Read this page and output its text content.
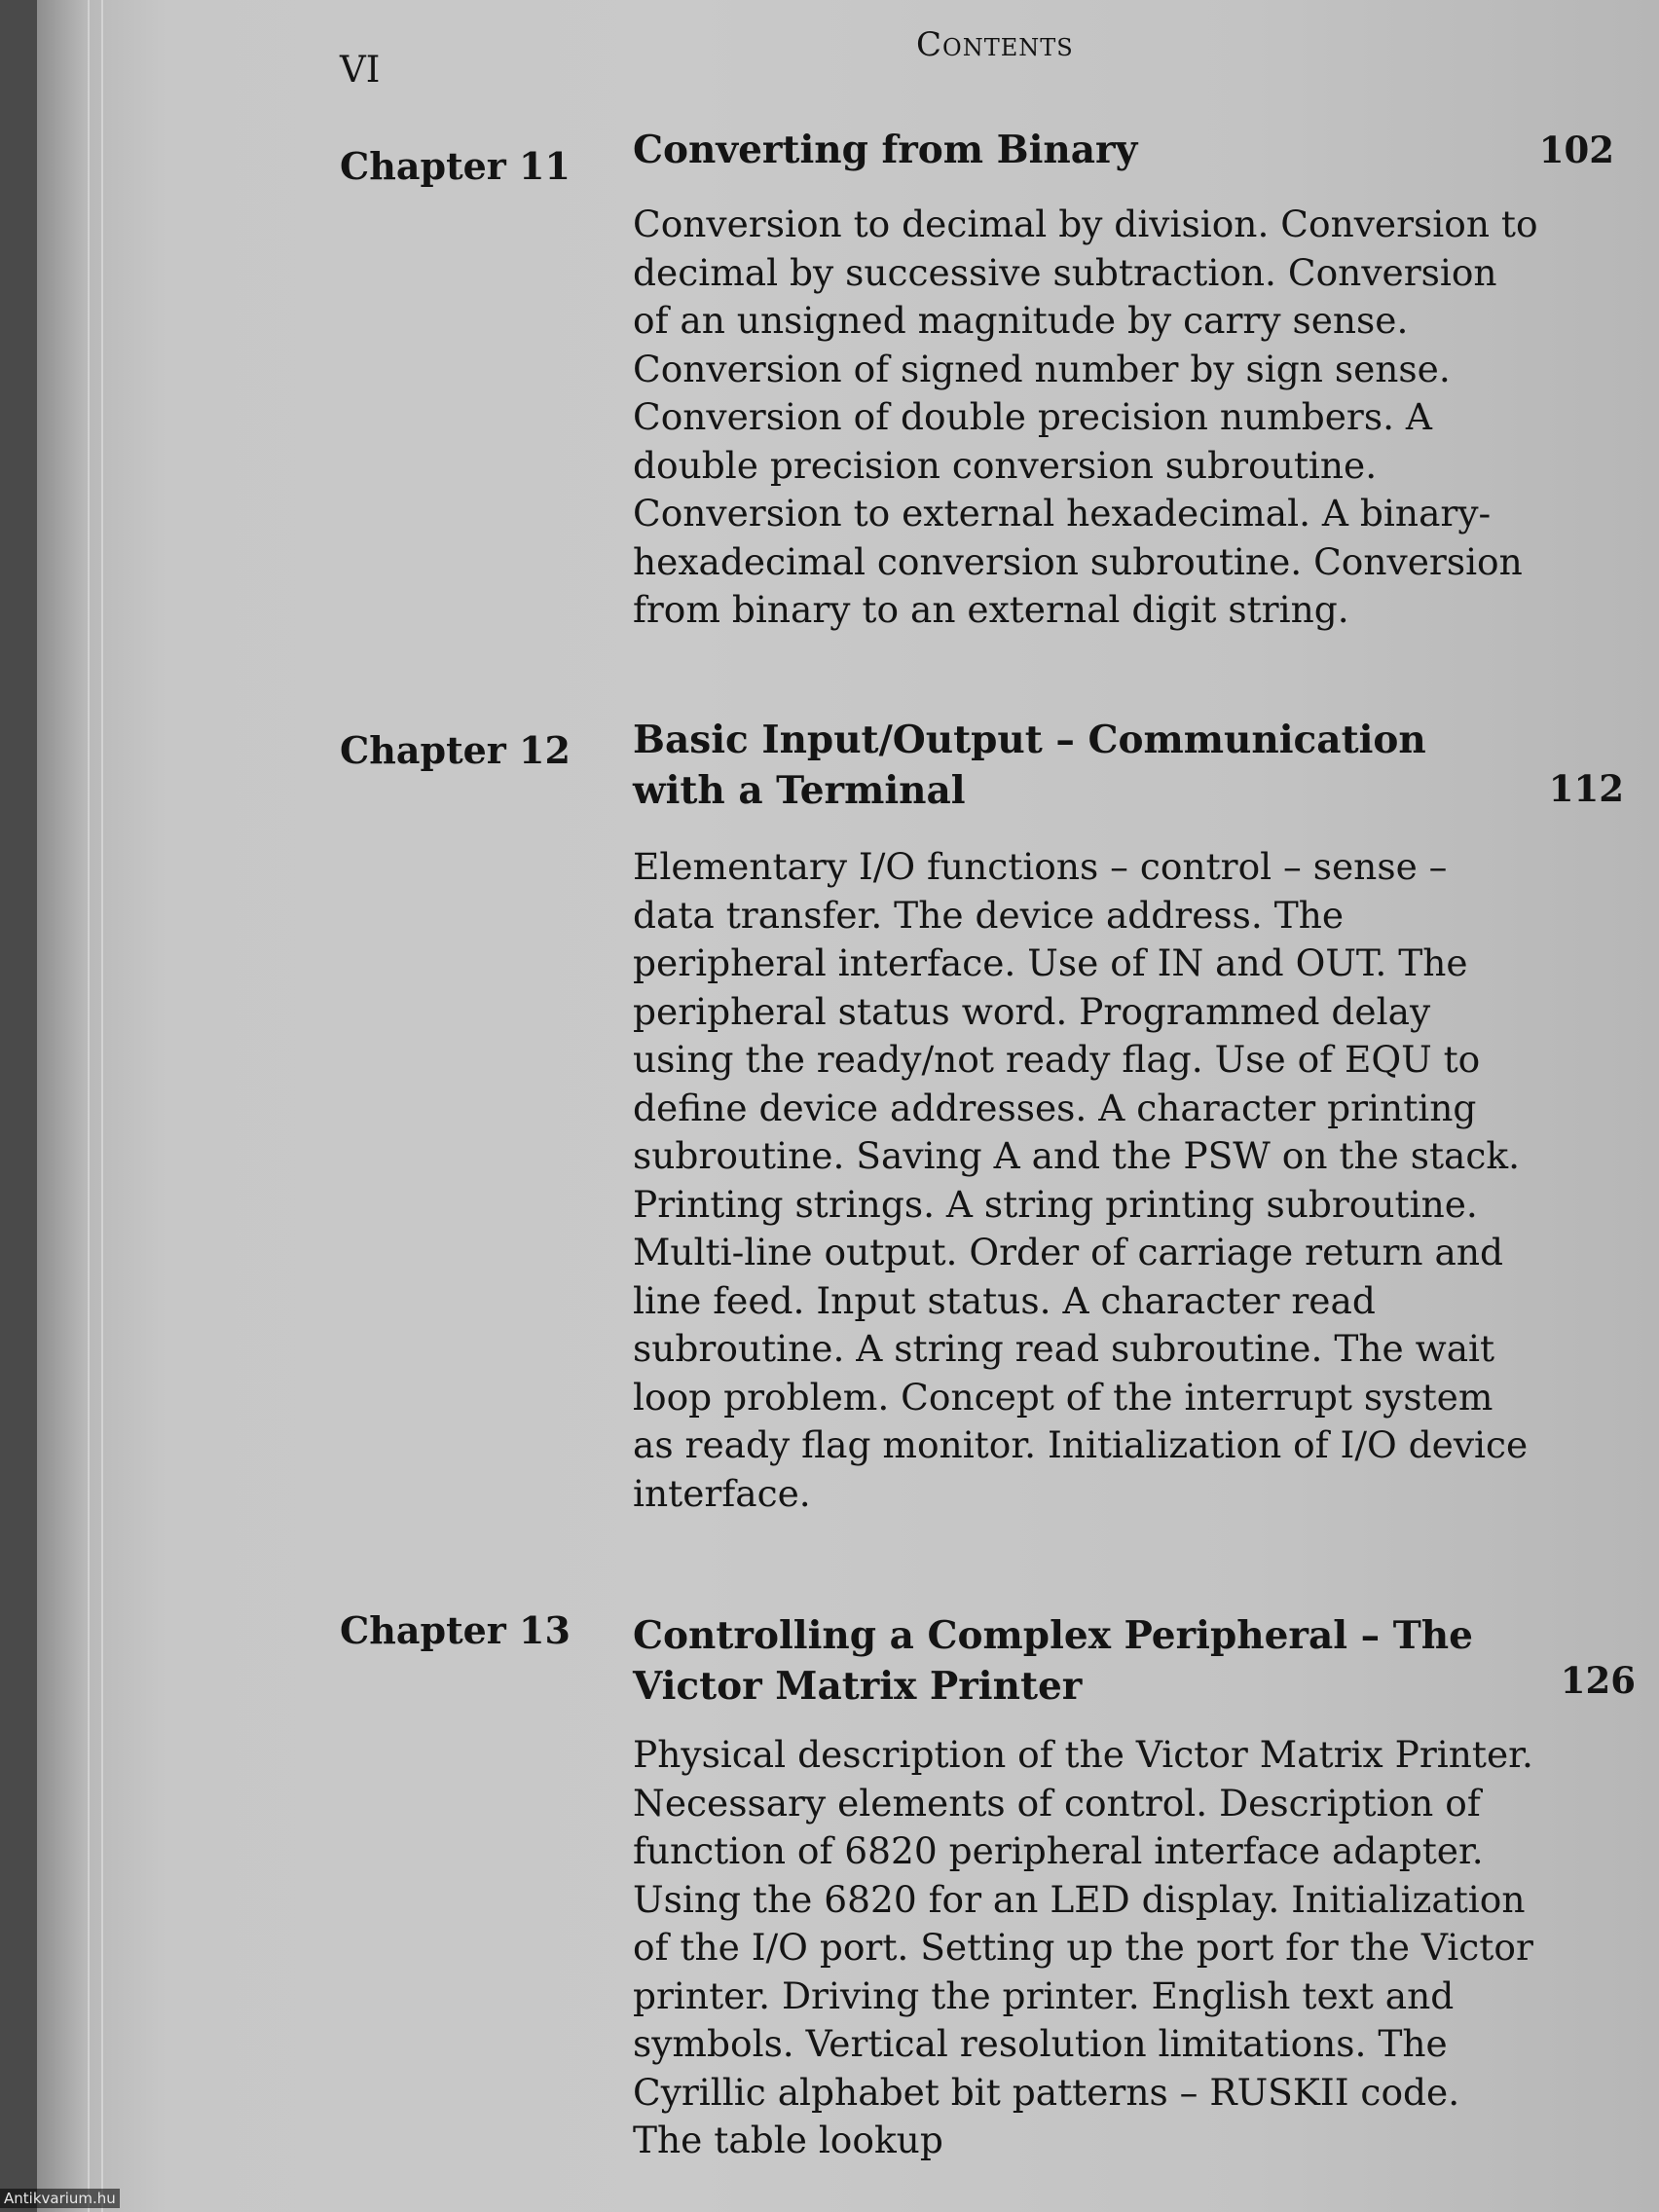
VI
Contents
Chapter 11 Converting from Binary	102
Conversion to decimal by division. Conversion to decimal by successive subtraction. Conversion of an unsigned magnitude by carry sense. Conversion of signed number by sign sense. Conversion of double precision numbers. A double precision conversion subroutine. Conversion to external hexadecimal. A binary-hexadecimal conversion subroutine. Conversion from binary to an external digit string.
Chapter 12 Basic Input/Output – Communication with a Terminal	112
Elementary I/O functions – control – sense – data transfer. The device address. The peripheral interface. Use of IN and OUT. The peripheral status word. Programmed delay using the ready/not ready flag. Use of EQU to define device addresses. A character printing subroutine. Saving A and the PSW on the stack. Printing strings. A string printing subroutine. Multi-line output. Order of carriage return and line feed. Input status. A character read subroutine. A string read subroutine. The wait loop problem. Concept of the interrupt system as ready flag monitor. Initialization of I/O device interface.
Chapter 13 Controlling a Complex Peripheral – The Victor Matrix Printer	126
Physical description of the Victor Matrix Printer. Necessary elements of control. Description of function of 6820 peripheral interface adapter. Using the 6820 for an LED display. Initialization of the I/O port. Setting up the port for the Victor printer. Driving the printer. English text and symbols. Vertical resolution limitations. The Cyrillic alphabet bit patterns – RUSKII code. The table lookup
Antikvarium.hu
